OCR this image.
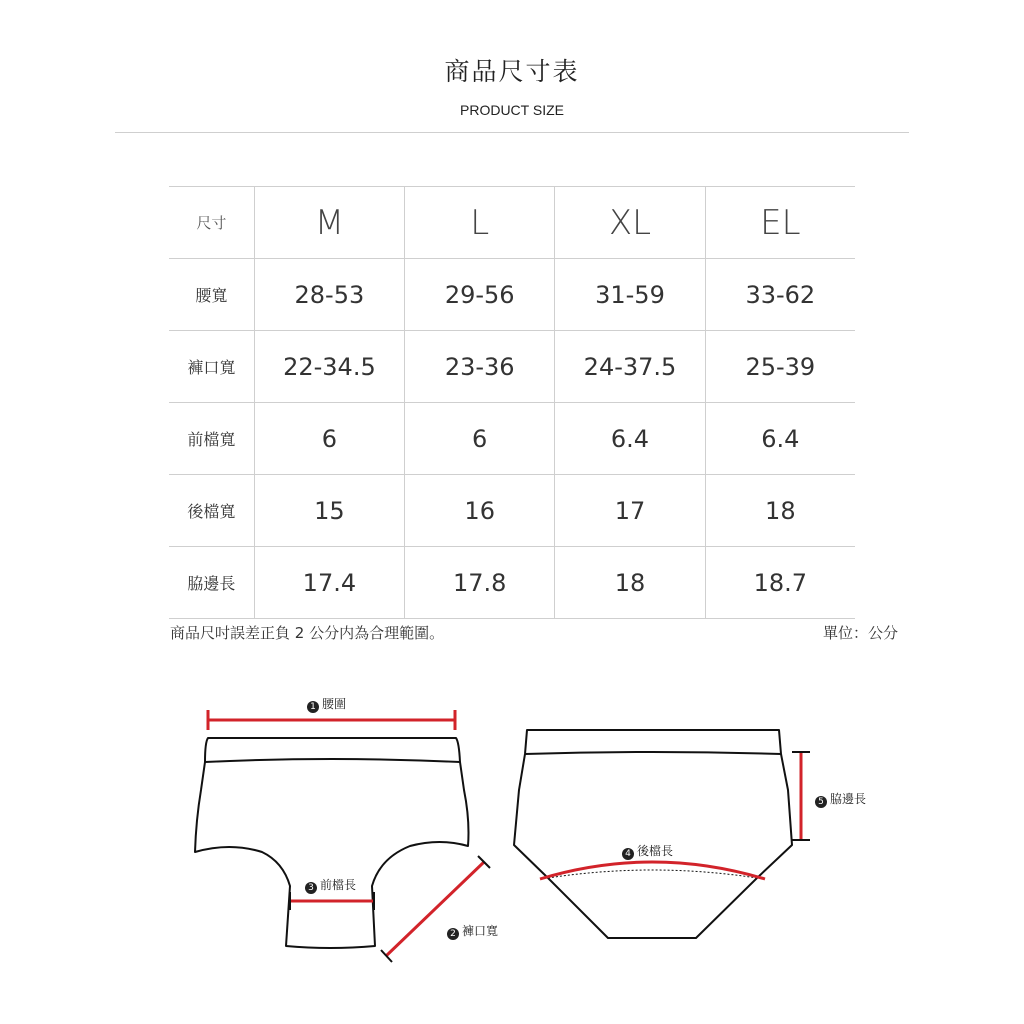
商品尺寸表
PRODUCT SIZE
尺寸	M	L	XL	EL
腰寬	28-53	29-56	31-59	33-62
褲口寬	22-34.5	23-36	24-37.5	25-39
前檔寬	6	6	6.4	6.4
後檔寬	15	16	17	18
脇邊長	17.4	17.8	18	18.7
商品尺吋誤差正負 2 公分内為合理範圍。	單位：公分
1 腰圍
2 褲口寬
3 前檔長
4 後檔長
5 脇邊長
